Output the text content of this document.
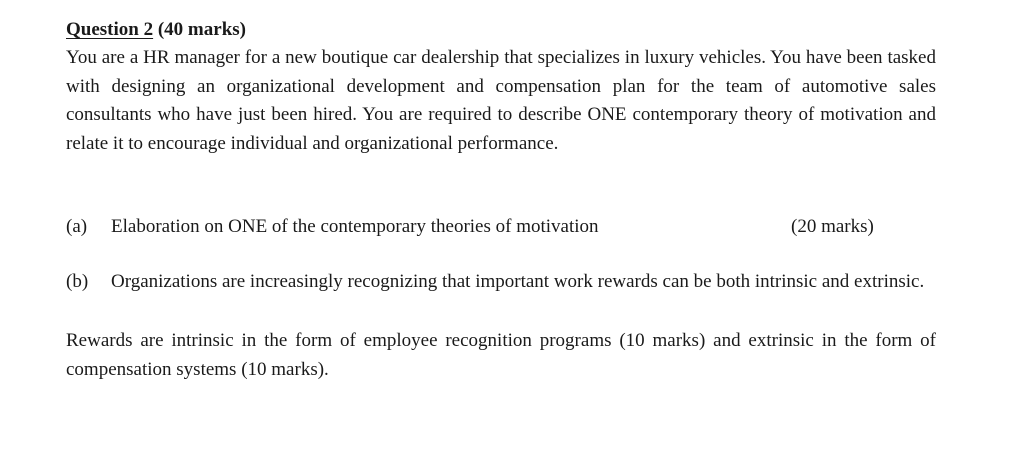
Question 2 (40 marks)

You are a HR manager for a new boutique car dealership that specializes in luxury vehicles. You have been tasked with designing an organizational development and compensation plan for the team of automotive sales consultants who have just been hired. You are required to describe ONE contemporary theory of motivation and relate it to encourage individual and organizational performance.

(a)	Elaboration on ONE of the contemporary theories of motivation	(20 marks)

(b) Organizations are increasingly recognizing that important work rewards can be both intrinsic and extrinsic.

Rewards are intrinsic in the form of employee recognition programs (10 marks) and extrinsic in the form of compensation systems (10 marks).
